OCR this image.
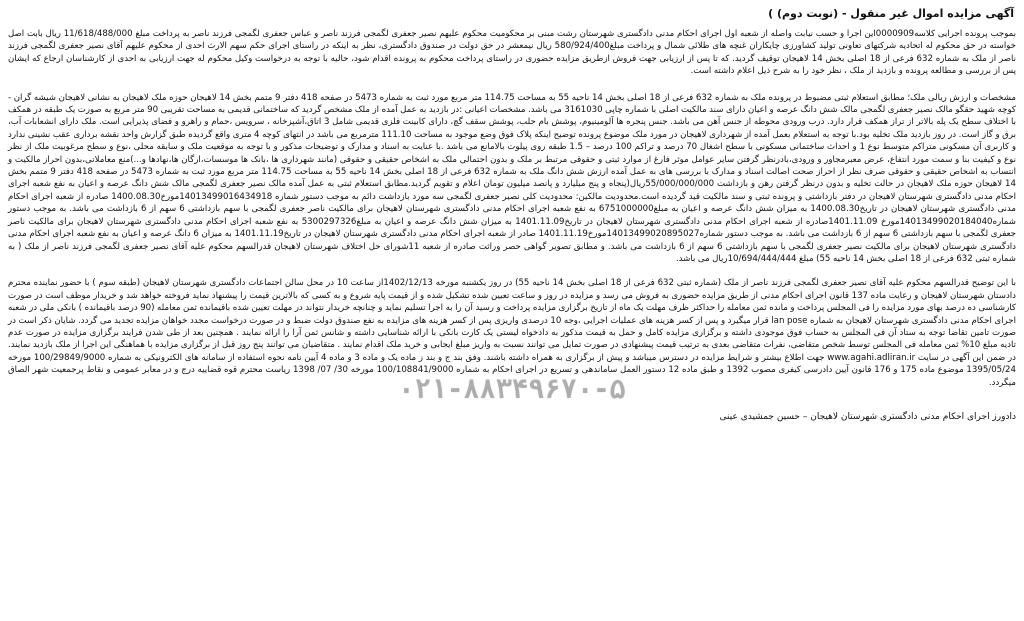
آگهی مزایده اموال غیر منقول - (نوبت دوم) )

بموجب پرونده اجرایی کلاسه0000909این اجرا و حسب نیابت واصله از شعبه اول اجرای احکام مدنی دادگستری شهرستان رشت مبنی بر محکومیت محکوم علیهم نصیر جعفری لگمجی فرزند ناصر و عباس جعفری لگمجی فرزند ناصر به پرداخت مبلغ 11/618/488/000 ریال بابت اصل خواسته در حق محکوم له اتحادیه شرکتهای تعاونی تولید کشاورزی چایکاران غنچه های طلائی شمال و پرداخت مبلغ580/924/400 ریال نیمعشر در حق دولت در صندوق دادگستری، نظر به اینکه در راستای اجرای حکم سهم الارث احدی از محکوم علیهم آقای نصیر جعفری لگمجی فرزند ناصر از ملک به شماره 632 فرعی از 18 اصلی بخش 14 لاهیجان توقیف گردید. که تا پس از ارزیابی جهت فروش ازطریق مزایده حضوری در راستای پرداخت محکوم به پرونده اقدام شود، حالیه با توجه به درخواست وکیل محکوم له جهت ارزیابی به احدی از کارشناسان ارجاع که ایشان پس از بررسی و مطالعه پرونده و بازدید از ملک ، نظر خود را به شرح ذیل اعلام داشته است.

مشخصات و ارزش ریالی ملک؛ مطابق استعلام ثبتی مضبوط در پرونده ملک به شماره 632 فرعی از 18 اصلی بخش 14 ناحیه 55 به مساحت 114.75 متر مربع مورد ثبت به شماره 5473 در صفحه 418 دفتر 9 متمم بخش 14 لاهیجان حوزه ملک لاهیجان به نشانی لاهیجان شیشه گران - کوچه شهید حقگو مالک نصیر جعفری لگمجی مالک شش دانگ عرصه و اعیان دارای سند مالکیت اصلی با شماره چاپی 3161030 می باشد. مشخصات اعیانی :در بازدید به عمل آمده از ملک مشخص گردید که ساختمانی قدیمی به مساحت تقریبی 90 متر مربع به صورت یک طبقه در همکف با اختلاف سطح یک پله بالاتر از تراز همکف قرار دارد. درب ورودی محوطه از جنس آهن می باشد. جنس پنجره ها آلومینیوم، پوشش بام حلب، پوشش سقف گچ، دارای کابینت فلزی قدیمی شامل 3 اتاق،آشپزخانه ، سرویس ،حمام و راهرو و فضای پذیرایی است. ملک دارای انشعابات آب، برق و گاز است. در روز بازدید ملک تخلیه بود.با توجه به استعلام بعمل آمده از شهرداری لاهیجان در مورد ملک موضوع پرونده توضیح اینکه پلاک فوق وضع موجود به مساحت 111.10 مترمربع می باشد در انتهای کوچه 4 متری واقع گردیده طبق گزارش واحد نقشه برداری عقب نشینی ندارد و کاربری آن مسکونی متراکم متوسط نوع 1 و احداث ساختمانی مسکونی با سطح اشغال 70 درصد و تراکم 100 درصد – 1.5 طبقه روی پیلوت بالامانع می باشد .با عنایت به اسناد و مدارک و توضیحات مذکور و با توجه به موقعیت ملک و سابقه محلی ،نوع و سطح مرغوبیت ملک از نظر نوع و کیفیت بنا و سمت مورد انتفاع، عرض معبرمجاور و ورودی،بادرنظر گرفتن سایر عوامل موثر فارغ از موارد ثبتی و حقوقی مرتبط بر ملک و بدون احتمالی ملک به اشخاص حقیقی و حقوقی (مانند شهرداری ها ،بانک ها موسسات،ارگان ها،نهادها و...)منع معاملاتی،بدون احراز مالکیت و انتساب به اشخاص حقیقی و حقوقی صرف نظر از احراز صحت اصالت اسناد و مدارک با بررسی های به عمل آمده ارزش شش دانگ ملک به شماره 632 فرعی از 18 اصلی بخش 14 ناحیه 55 به مساحت 114.75 متر مربع مورد ثبت به شماره 5473 در صفحه 418 دفتر 9 متمم بخش 14 لاهیجان حوزه ملک لاهیجان در حالت تخلیه و بدون درنظر گرفتن رهن و بازداشت 55/000/000/000ریال(پنجاه و پنج میلیارد و پانصد میلیون تومان اعلام و تقویم گردید.مطابق استعلام ثبتی به عمل آمده مالک نصیر جعفری لگمجی مالک شش دانگ عرصه و اعیان به نفع شعبه اجرای احکام مدنی دادگستری شهرستان لاهیجان در دفتر بازداشتی و پرونده ثبتی و سند مالکیت قید گردیده است.محدودیت مالکین: محدودیت کلی نصیر جعفری لگمجی سه مورد بازداشت دائم به موجب دستور شماره 14013499016434918مورخ1400.08.30 صادره از شعبه اجرای احکام مدنی دادگستری شهرستان لاهیجان در تاریخ1400.08.30 به میزان شش دانگ عرصه و اعیان به مبلغ6751000000 به نفع شعبه اجرای احکام مدنی دادگستری شهرستان لاهیجان برای مالکیت ناصر جعفری لگمجی با سهم بازداشتی 6 سهم از 6 بازداشت می باشد. به موجب دستور شماره14013499020184040مورخ 1401.11.09صادره از شعبه اجرای احکام مدنی دادگستری شهرستان لاهیجان در تاریخ1401.11.09 به میزان شش دانگ عرصه و اعیان به مبلغ5300297326 به نفع شعبه اجرای احکام مدنی دادگستری شهرستان لاهیجان برای مالکیت ناصر جعفری لگمجی با سهم بازداشتی 6 سهم از 6 بازداشت می باشد. به موجب دستور شماره14013499020895027مورخ1401.11.19 صادر از شعبه اجرای احکام مدنی دادگستری شهرستان لاهیجان در تاریخ1401.11.19 به میزان 6 دانگ عرصه و اعیان به نفع شعبه اجرای احکام مدنی دادگستری شهرستان لاهیجان برای مالکیت نصیر جعفری لگمجی با سهم بازداشتی 6 سهم از 6 بازداشت می باشد. و مطابق تصویر گواهی حصر وراثت صادره از شعبه 11شورای حل اختلاف شهرستان لاهیجان قدرالسهم محکوم علیه آقای نصیر جعفری لگمجی فرزند ناصر از ملک ( به شماره ثبتی 632 فرعی از 18 اصلی بخش 14 ناحیه 55) مبلغ 10/694/444/444ریال می باشد.

با این توضیح قدرالسهم محکوم علیه آقای نصیر جعفری لگمجی فرزند ناصر از ملک (شماره ثبتی 632 فرعی از 18 اصلی بخش 14 ناحیه 55) در روز یکشنبه مورخه 1402/12/13از ساعت 10 در محل سالن اجتماعات دادگستری شهرستان لاهیجان (طبقه سوم ) با حضور نماینده محترم دادستان شهرستان لاهیجان و رعایت ماده 137 قانون اجرای احکام مدنی از طریق مزایده حضوری به فروش می رسد و مزایده در روز و ساعت تعیین شده تشکیل شده و از قیمت پایه شروع و به کسی که بالاترین قیمت را پیشنهاد نماید فروخته خواهد شد و خریدار موظف است در صورت کارشناسی ده درصد بهای مورد مزایده را فی المجلس پرداخت و مانده ثمن معامله را حداکثر ظرف مهلت یک ماه از تاریخ برگزاری مزایده پرداخت و رسید آن را به اجرا تسلیم نماید و چنانچه خریدار نتواند در مهلت تعیین شده باقیمانده ثمن معامله (90 درصد باقیمانده ) بانکی ملی در شعبه اجرای احکام مدنی دادگستری شهرستان لاهیجان به شماره lan pose قرار میگیرد و پس از کسر هزینه های عملیات اجرایی ،وجه 10 درصدی واریزی پس از کسر هزینه های مزایده به نفع صندوق دولت ضبط و در صورت درخواست مجدد خواهان مزایده تجدید می گردد. شایان ذکر است در صورت تامین تقاضا توجه به ستاد آن فی المجلس به حساب فوق موجودی داشته و برگزاری مزایده کامل و حمل به قیمت مذکور به دادخواه لیستی یک کارت بانکی با ارائه شناسایی داشته و شانس ثمن آرا را ارائه نمایند . همچنین بعد از طی شدن فرایند برگزاری مزایده در صورت عدم تادیه مبلغ 10% ثمن معامله فی المجلس توسط شخص متقاضی، نفرات متقاضی بعدی به ترتیب قیمت پیشنهادی در صورت تمایل می توانند نسبت به واریز مبلغ ایجابی و خرید ملک اقدام نمایند . متقاضیان می توانند پنج روز قبل از برگزاری مزایده با هماهنگی این اجرا از ملک بازدید نمایند. در ضمن این آگهی در سایت www.agahi.adliran.ir جهت اطلاع بیشتر و شرایط مزایده در دسترس میباشد و پیش از برگزاری به همراه داشته باشند. وفق بند ج و بند ز ماده یک و ماده 3 و ماده 4 آیین نامه نحوه استفاده از سامانه های الکترونیکی به شماره 100/29849/9000 مورخه 1395/05/24 موضوع ماده 175 و 176 قانون آیین دادرسی کیفری مصوب 1392 و طبق ماده 12 دستور العمل ساماندهی و تسریع در اجرای احکام به شماره 100/108841/9000 مورخه 30/ 07/ 1398 ریاست محترم قوه قضاییه درج و در معابر عمومی و نقاط پرجمعیت شهر الصاق میگردد.

۰۲۱-۸۸۳۴۹۶۷۰-۵
دادورز اجرای احکام مدنی دادگستری شهرستان لاهیجان – حسین جمشیدی عینی
